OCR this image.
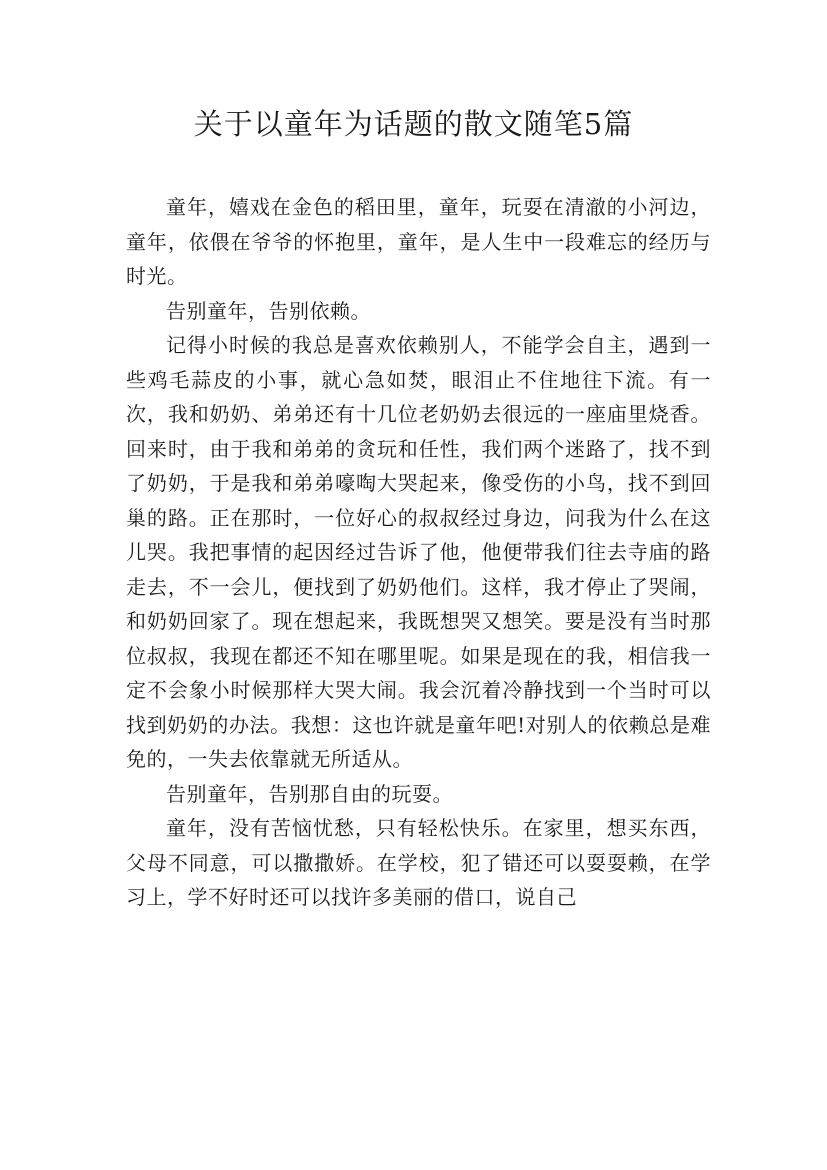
关于以童年为话题的散文随笔5篇

童年，嬉戏在金色的稻田里，童年，玩耍在清澈的小河边，童年，依偎在爷爷的怀抱里，童年，是人生中一段难忘的经历与时光。

告别童年，告别依赖。

记得小时候的我总是喜欢依赖别人，不能学会自主，遇到一些鸡毛蒜皮的小事，就心急如焚，眼泪止不住地往下流。有一次，我和奶奶、弟弟还有十几位老奶奶去很远的一座庙里烧香。回来时，由于我和弟弟的贪玩和任性，我们两个迷路了，找不到了奶奶，于是我和弟弟嚎啕大哭起来，像受伤的小鸟，找不到回巢的路。正在那时，一位好心的叔叔经过身边，问我为什么在这儿哭。我把事情的起因经过告诉了他，他便带我们往去寺庙的路走去，不一会儿，便找到了奶奶他们。这样，我才停止了哭闹，和奶奶回家了。现在想起来，我既想哭又想笑。要是没有当时那位叔叔，我现在都还不知在哪里呢。如果是现在的我，相信我一定不会象小时候那样大哭大闹。我会沉着冷静找到一个当时可以找到奶奶的办法。我想：这也许就是童年吧!对别人的依赖总是难免的，一失去依靠就无所适从。

告别童年，告别那自由的玩耍。

童年，没有苦恼忧愁，只有轻松快乐。在家里，想买东西，父母不同意，可以撒撒娇。在学校，犯了错还可以耍耍赖，在学习上，学不好时还可以找许多美丽的借口，说自己
